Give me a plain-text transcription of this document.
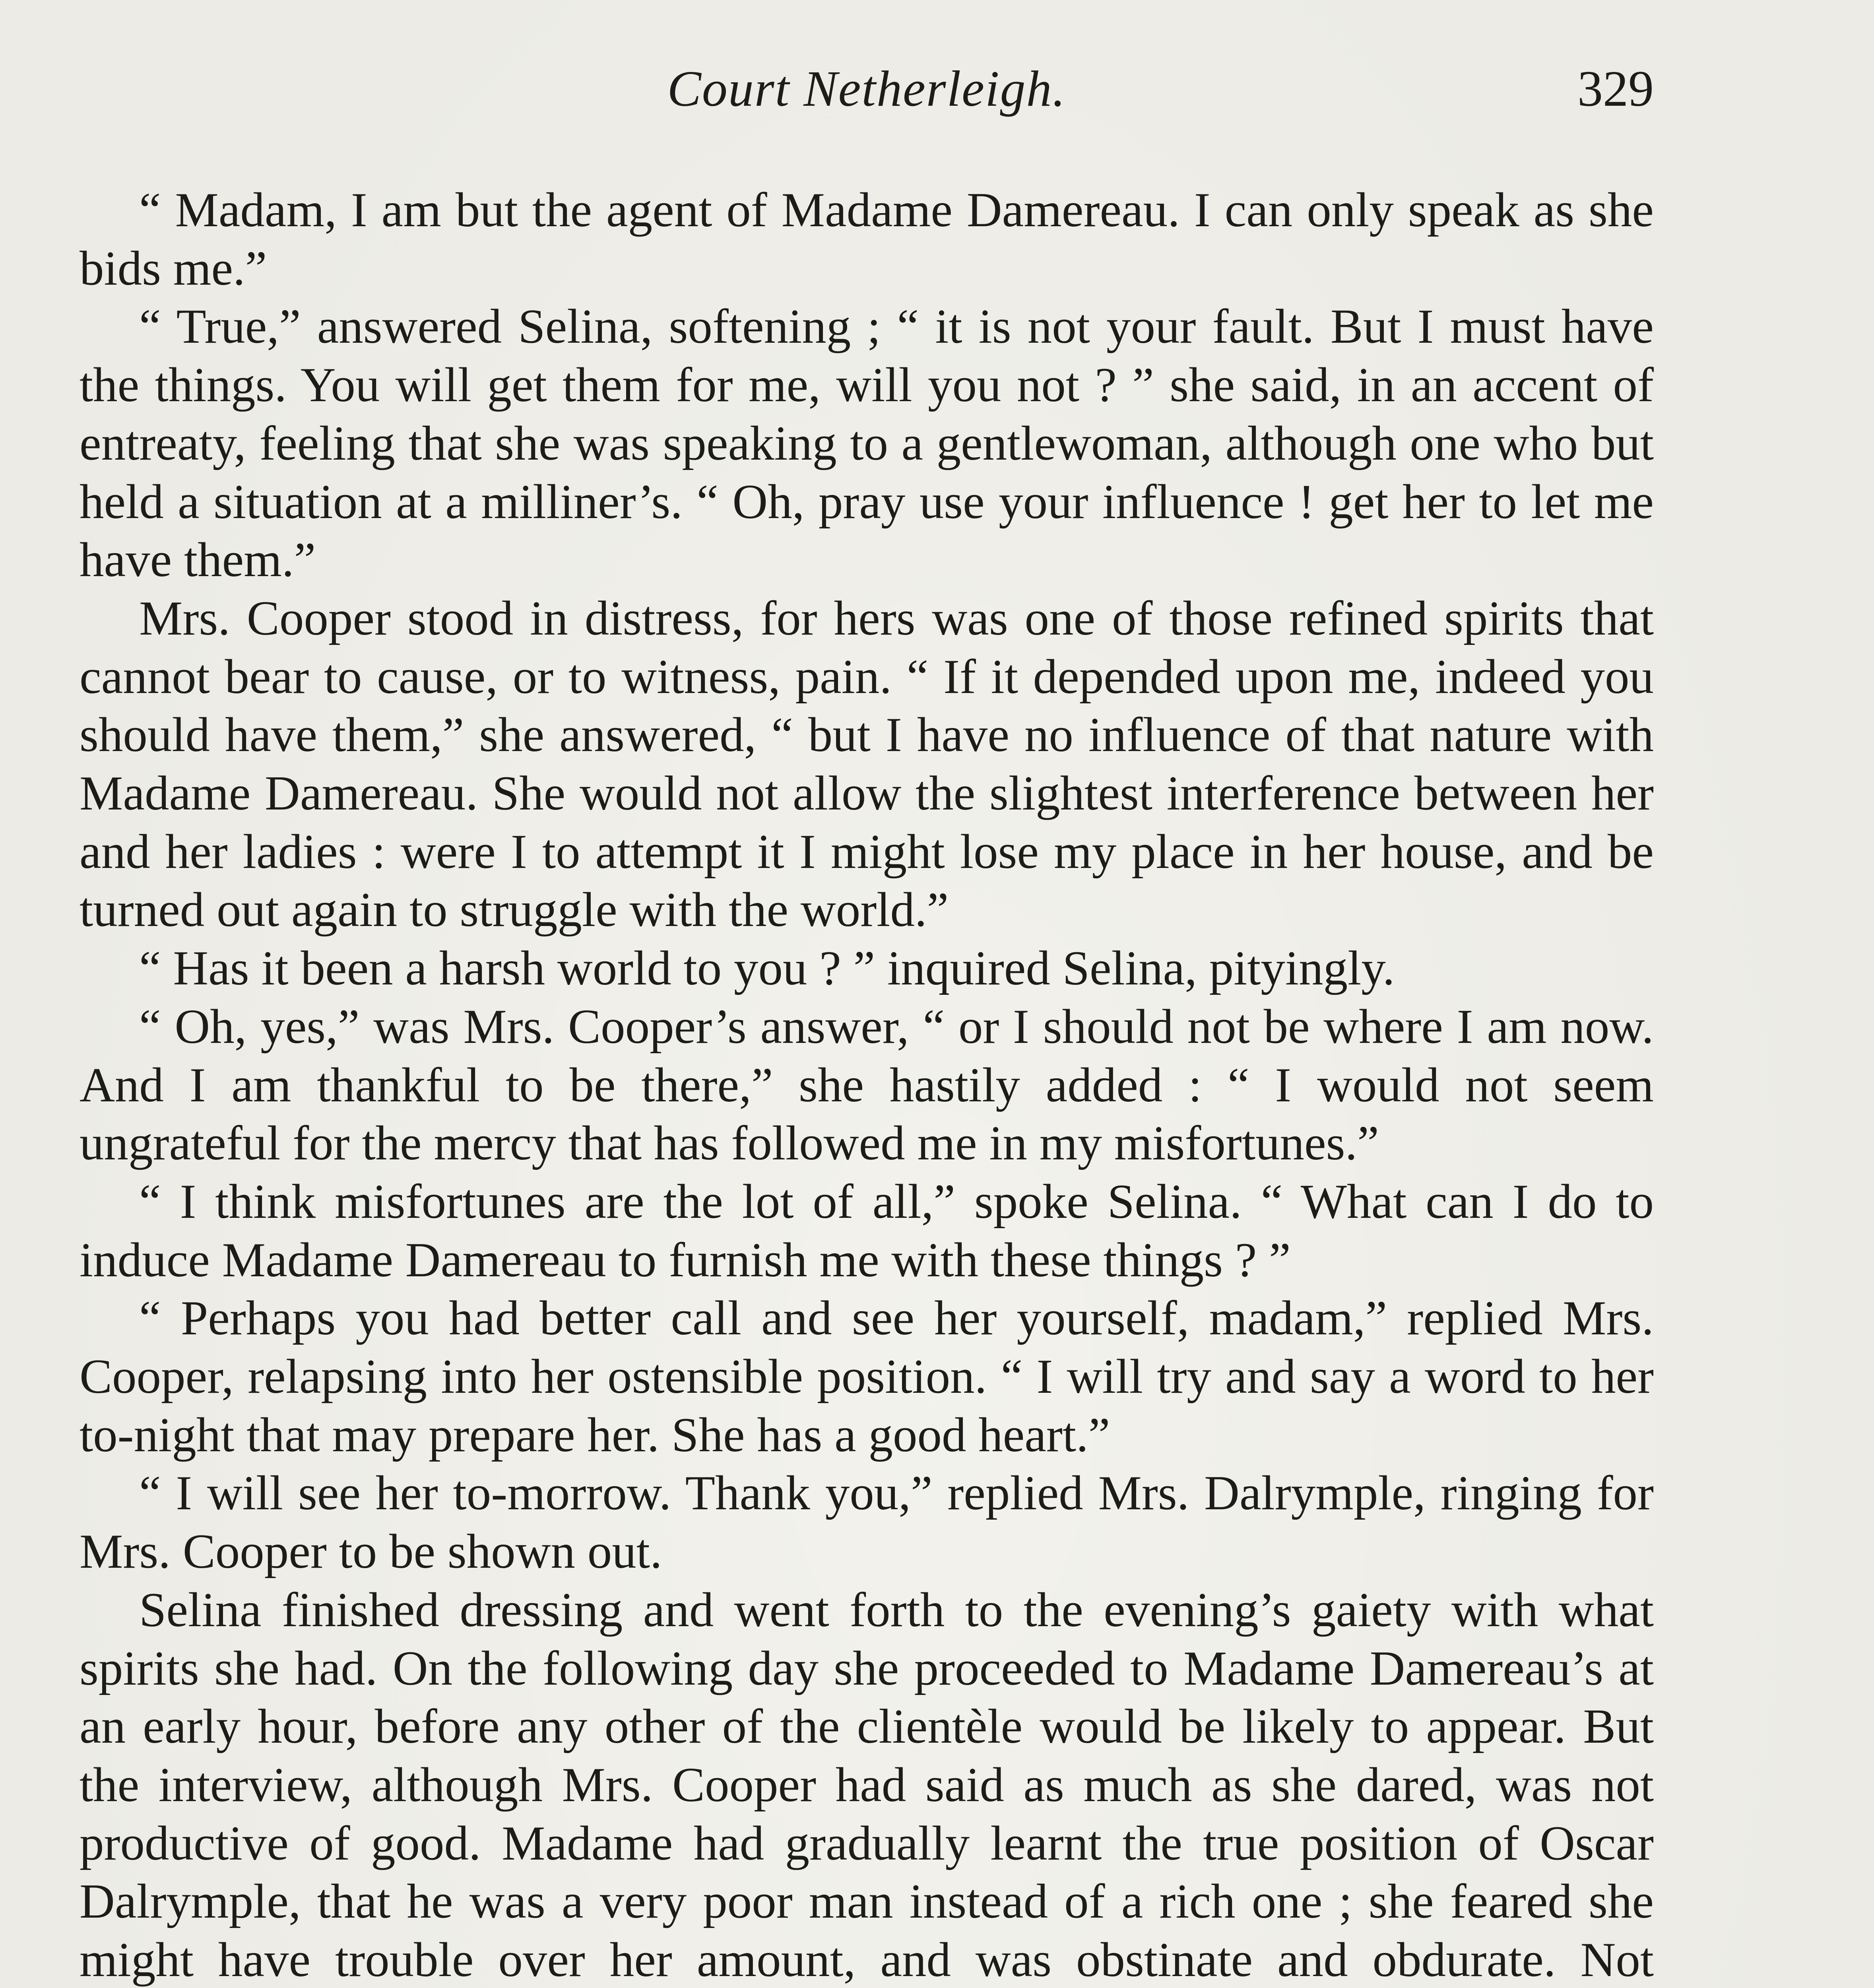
Court Netherleigh.	329

“ Madam, I am but the agent of Madame Damereau. I can only speak as she bids me.”

“ True,” answered Selina, softening ; “ it is not your fault. But I must have the things. You will get them for me, will you not ? ” she said, in an accent of entreaty, feeling that she was speaking to a gentlewoman, although one who but held a situation at a milliner’s. “ Oh, pray use your influence ! get her to let me have them.”

Mrs. Cooper stood in distress, for hers was one of those refined spirits that cannot bear to cause, or to witness, pain. “ If it depended upon me, indeed you should have them,” she answered, “ but I have no influence of that nature with Madame Damereau. She would not allow the slightest interference between her and her ladies : were I to attempt it I might lose my place in her house, and be turned out again to struggle with the world.”

“ Has it been a harsh world to you ? ” inquired Selina, pityingly.

“ Oh, yes,” was Mrs. Cooper’s answer, “ or I should not be where I am now. And I am thankful to be there,” she hastily added : “ I would not seem ungrateful for the mercy that has followed me in my misfortunes.”

“ I think misfortunes are the lot of all,” spoke Selina. “ What can I do to induce Madame Damereau to furnish me with these things ? ”

“ Perhaps you had better call and see her yourself, madam,” replied Mrs. Cooper, relapsing into her ostensible position. “ I will try and say a word to her to-night that may prepare her. She has a good heart.”

“ I will see her to-morrow. Thank you,” replied Mrs. Dalrymple, ringing for Mrs. Cooper to be shown out.

Selina finished dressing and went forth to the evening’s gaiety with what spirits she had. On the following day she proceeded to Madame Damereau’s at an early hour, before any other of the clientèle would be likely to appear. But the interview, although Mrs. Cooper had said as much as she dared, was not productive of good. Madame had gradually learnt the true position of Oscar Dalrymple, that he was a very poor man instead of a rich one ; she feared she might have trouble over her amount, and was obstinate and obdurate. Not
